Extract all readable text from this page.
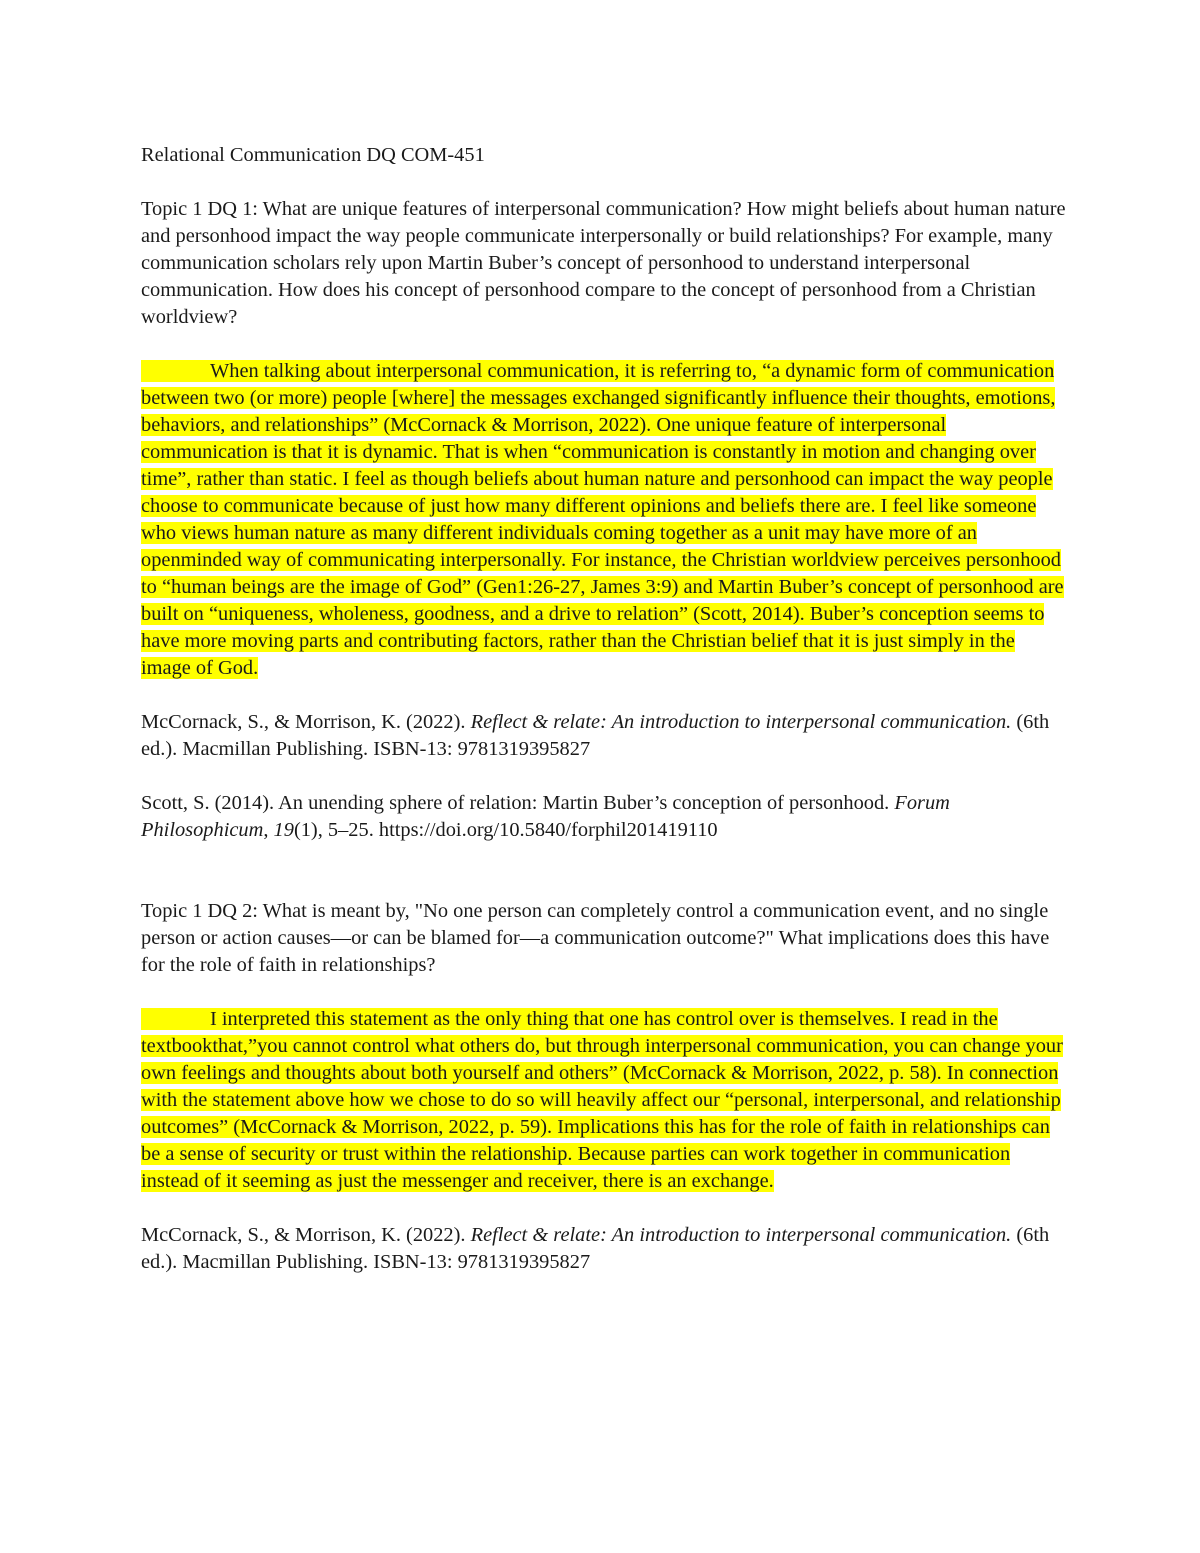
Relational Communication DQ COM-451

Topic 1 DQ 1: What are unique features of interpersonal communication? How might beliefs about human nature and personhood impact the way people communicate interpersonally or build relationships? For example, many communication scholars rely upon Martin Buber’s concept of personhood to understand interpersonal communication. How does his concept of personhood compare to the concept of personhood from a Christian worldview?

When talking about interpersonal communication, it is referring to, “a dynamic form of communication between two (or more) people [where] the messages exchanged significantly influence their thoughts, emotions, behaviors, and relationships” (McCornack & Morrison, 2022). One unique feature of interpersonal communication is that it is dynamic. That is when “communication is constantly in motion and changing over time”, rather than static. I feel as though beliefs about human nature and personhood can impact the way people choose to communicate because of just how many different opinions and beliefs there are. I feel like someone who views human nature as many different individuals coming together as a unit may have more of an openminded way of communicating interpersonally. For instance, the Christian worldview perceives personhood to “human beings are the image of God” (Gen1:26-27, James 3:9) and Martin Buber’s concept of personhood are built on “uniqueness, wholeness, goodness, and a drive to relation” (Scott, 2014). Buber’s conception seems to have more moving parts and contributing factors, rather than the Christian belief that it is just simply in the image of God.

McCornack, S., & Morrison, K. (2022). Reflect & relate: An introduction to interpersonal communication. (6th ed.). Macmillan Publishing. ISBN-13: 9781319395827

Scott, S. (2014). An unending sphere of relation: Martin Buber’s conception of personhood. Forum Philosophicum, 19(1), 5–25. https://doi.org/10.5840/forphil201419110

Topic 1 DQ 2: What is meant by, "No one person can completely control a communication event, and no single person or action causes—or can be blamed for—a communication outcome?" What implications does this have for the role of faith in relationships?

I interpreted this statement as the only thing that one has control over is themselves. I read in the
textbookthat,”you cannot control what others do, but through interpersonal communication, you can change your own feelings and thoughts about both yourself and others” (McCornack & Morrison, 2022, p. 58). In connection with the statement above how we chose to do so will heavily affect our “personal, interpersonal, and relationship outcomes” (McCornack & Morrison, 2022, p. 59). Implications this has for the role of faith in relationships can be a sense of security or trust within the relationship. Because parties can work together in communication instead of it seeming as just the messenger and receiver, there is an exchange.

McCornack, S., & Morrison, K. (2022). Reflect & relate: An introduction to interpersonal communication. (6th ed.). Macmillan Publishing. ISBN-13: 9781319395827
